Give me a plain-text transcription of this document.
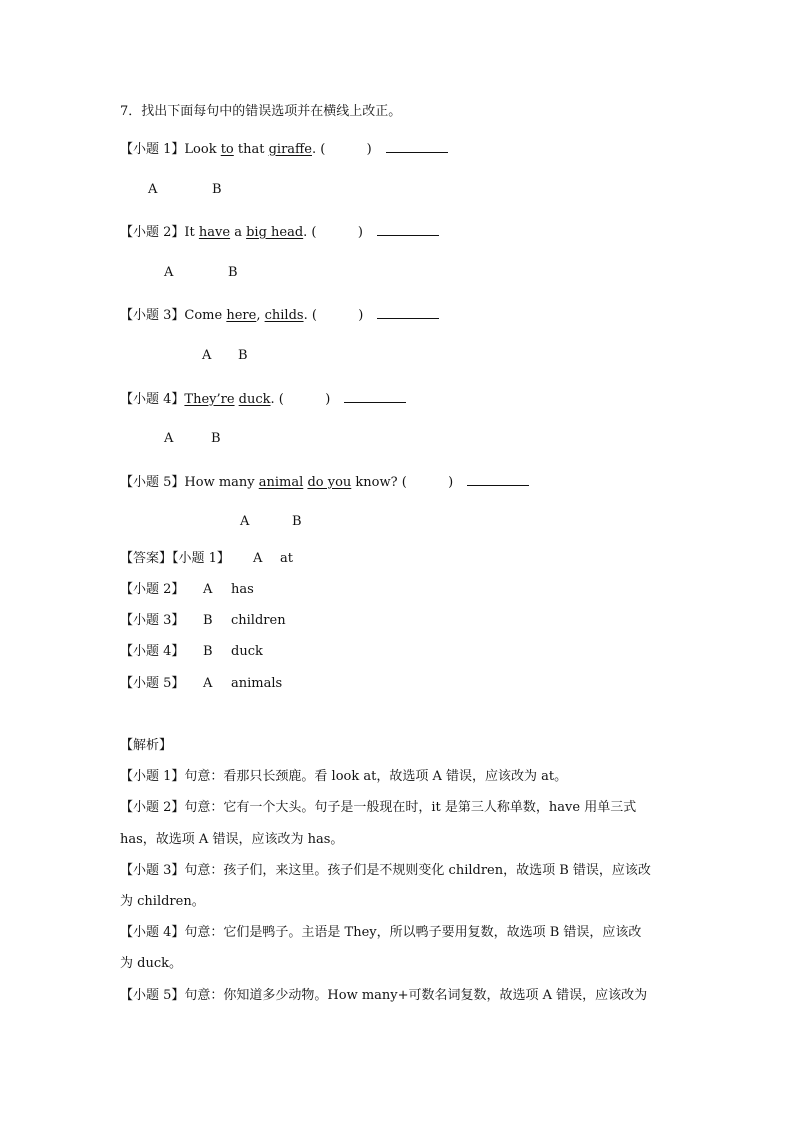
7．找出下面每句中的错误选项并在横线上改正。
【小题 1】Look to that giraffe. (          )
A	B
【小题 2】It have a big head. (          )
A	B
【小题 3】Come here, childs. (          )
A B
【小题 4】They’re duck. (          )
A	B
【小题 5】How many animal do you know? (          )
A	B
【答案】【小题 1】 A at
【小题 2】 A has
【小题 3】 B children
【小题 4】 B duck
【小题 5】 A animals
【解析】
【小题 1】句意：看那只长颈鹿。看 look at，故选项 A 错误，应该改为 at。
【小题 2】句意：它有一个大头。句子是一般现在时，it 是第三人称单数，have 用单三式
has，故选项 A 错误，应该改为 has。
【小题 3】句意：孩子们，来这里。孩子们是不规则变化 children，故选项 B 错误，应该改
为 children。
【小题 4】句意：它们是鸭子。主语是 They，所以鸭子要用复数，故选项 B 错误，应该改
为 duck。
【小题 5】句意：你知道多少动物。How many+可数名词复数，故选项 A 错误，应该改为
